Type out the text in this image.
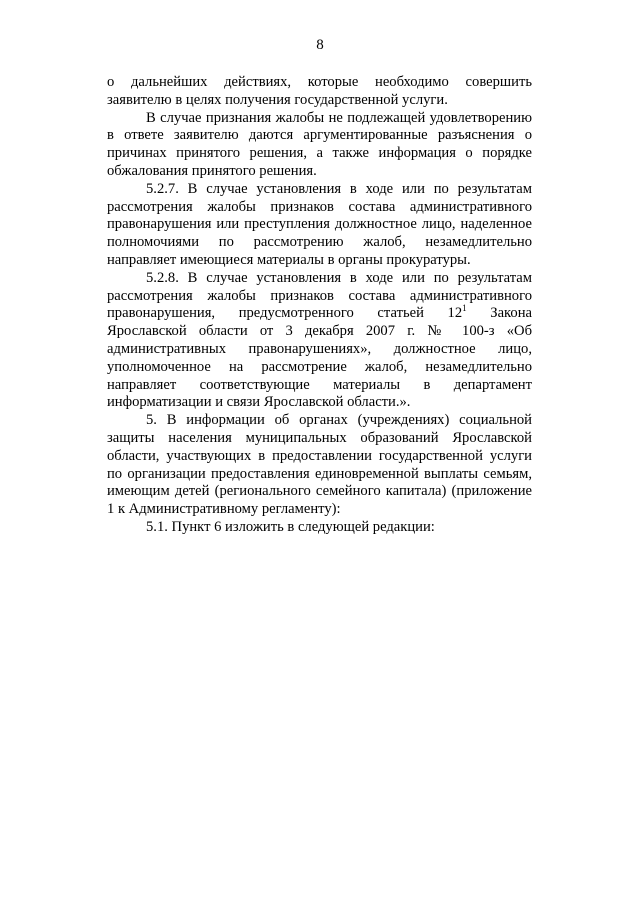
8

о дальнейших действиях, которые необходимо совершить заявителю в целях получения государственной услуги.

В случае признания жалобы не подлежащей удовлетворению в ответе заявителю даются аргументированные разъяснения о причинах принятого решения, а также информация о порядке обжалования принятого решения.

5.2.7. В случае установления в ходе или по результатам рассмотрения жалобы признаков состава административного правонарушения или преступления должностное лицо, наделенное полномочиями по рассмотрению жалоб, незамедлительно направляет имеющиеся материалы в органы прокуратуры.

5.2.8. В случае установления в ходе или по результатам рассмотрения жалобы признаков состава административного правонарушения, предусмотренного статьей $12^1$ Закона Ярославской области от 3 декабря 2007 г. № 100-з «Об административных правонарушениях», должностное лицо, уполномоченное на рассмотрение жалоб, незамедлительно направляет соответствующие материалы в департамент информатизации и связи Ярославской области.».

5. В информации об органах (учреждениях) социальной защиты населения муниципальных образований Ярославской области, участвующих в предоставлении государственной услуги по организации предоставления единовременной выплаты семьям, имеющим детей (регионального семейного капитала) (приложение 1 к Административному регламенту):

5.1. Пункт 6 изложить в следующей редакции:
